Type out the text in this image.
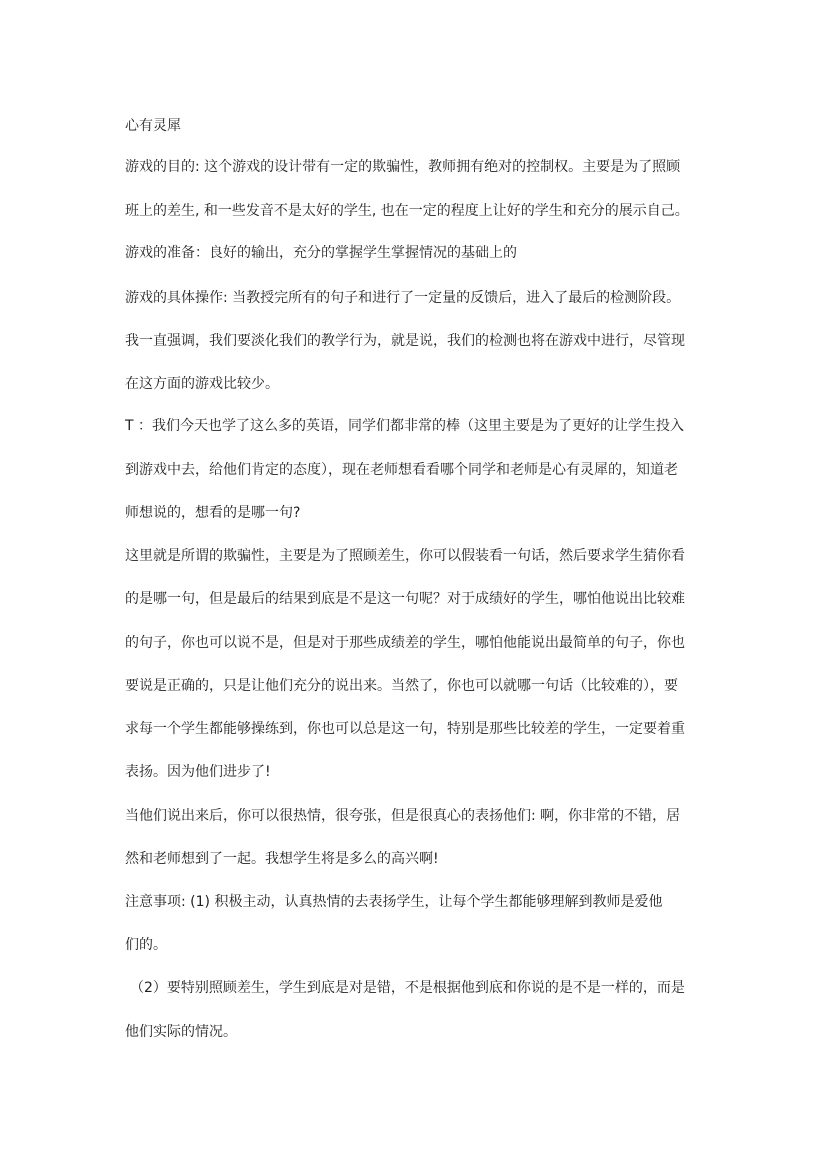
心有灵犀
游戏的目的: 这个游戏的设计带有一定的欺骗性，教师拥有绝对的控制权。主要是为了照顾
班上的差生, 和一些发音不是太好的学生, 也在一定的程度上让好的学生和充分的展示自己。
游戏的准备：良好的输出，充分的掌握学生掌握情况的基础上的
游戏的具体操作: 当教授完所有的句子和进行了一定量的反馈后，进入了最后的检测阶段。
我一直强调，我们要淡化我们的教学行为，就是说，我们的检测也将在游戏中进行，尽管现
在这方面的游戏比较少。
T ：我们今天也学了这么多的英语，同学们都非常的棒（这里主要是为了更好的让学生投入
到游戏中去，给他们肯定的态度），现在老师想看看哪个同学和老师是心有灵犀的，知道老
师想说的，想看的是哪一句?
这里就是所谓的欺骗性，主要是为了照顾差生，你可以假装看一句话，然后要求学生猜你看
的是哪一句，但是最后的结果到底是不是这一句呢？对于成绩好的学生，哪怕他说出比较难
的句子，你也可以说不是，但是对于那些成绩差的学生，哪怕他能说出最简单的句子，你也
要说是正确的，只是让他们充分的说出来。当然了，你也可以就哪一句话（比较难的），要
求每一个学生都能够操练到，你也可以总是这一句，特别是那些比较差的学生，一定要着重
表扬。因为他们进步了!
当他们说出来后，你可以很热情，很夸张，但是很真心的表扬他们: 啊，你非常的不错，居
然和老师想到了一起。我想学生将是多么的高兴啊!
注意事项: (1) 积极主动，认真热情的去表扬学生，让每个学生都能够理解到教师是爱他
们的。
（2）要特别照顾差生，学生到底是对是错，不是根据他到底和你说的是不是一样的，而是
他们实际的情况。
